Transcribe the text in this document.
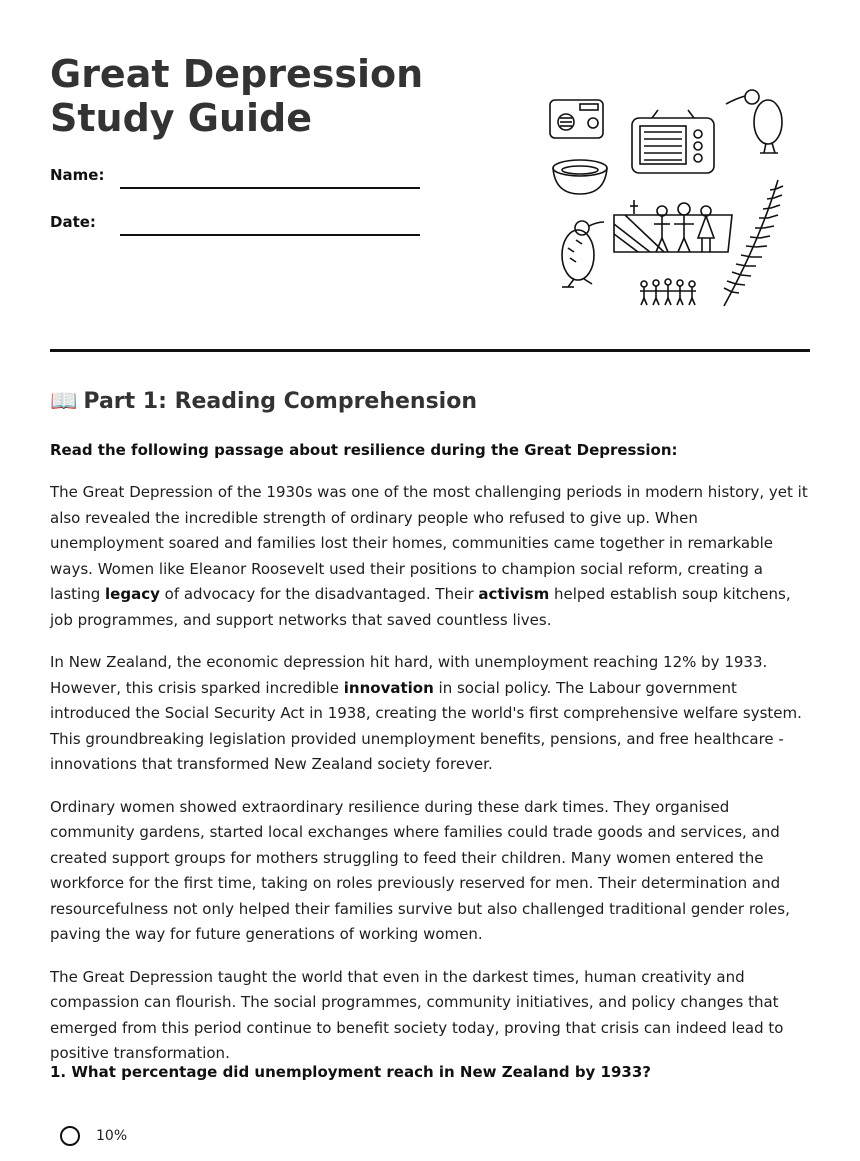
Great Depression Study Guide
Name:
Date:
📖 Part 1: Reading Comprehension
Read the following passage about resilience during the Great Depression:

The Great Depression of the 1930s was one of the most challenging periods in modern history, yet it also revealed the incredible strength of ordinary people who refused to give up. When unemployment soared and families lost their homes, communities came together in remarkable ways. Women like Eleanor Roosevelt used their positions to champion social reform, creating a lasting legacy of advocacy for the disadvantaged. Their activism helped establish soup kitchens, job programmes, and support networks that saved countless lives.

In New Zealand, the economic depression hit hard, with unemployment reaching 12% by 1933. However, this crisis sparked incredible innovation in social policy. The Labour government introduced the Social Security Act in 1938, creating the world's first comprehensive welfare system. This groundbreaking legislation provided unemployment benefits, pensions, and free healthcare - innovations that transformed New Zealand society forever.

Ordinary women showed extraordinary resilience during these dark times. They organised community gardens, started local exchanges where families could trade goods and services, and created support groups for mothers struggling to feed their children. Many women entered the workforce for the first time, taking on roles previously reserved for men. Their determination and resourcefulness not only helped their families survive but also challenged traditional gender roles, paving the way for future generations of working women.

The Great Depression taught the world that even in the darkest times, human creativity and compassion can flourish. The social programmes, community initiatives, and policy changes that emerged from this period continue to benefit society today, proving that crisis can indeed lead to positive transformation.

1. What percentage did unemployment reach in New Zealand by 1933?
10%
